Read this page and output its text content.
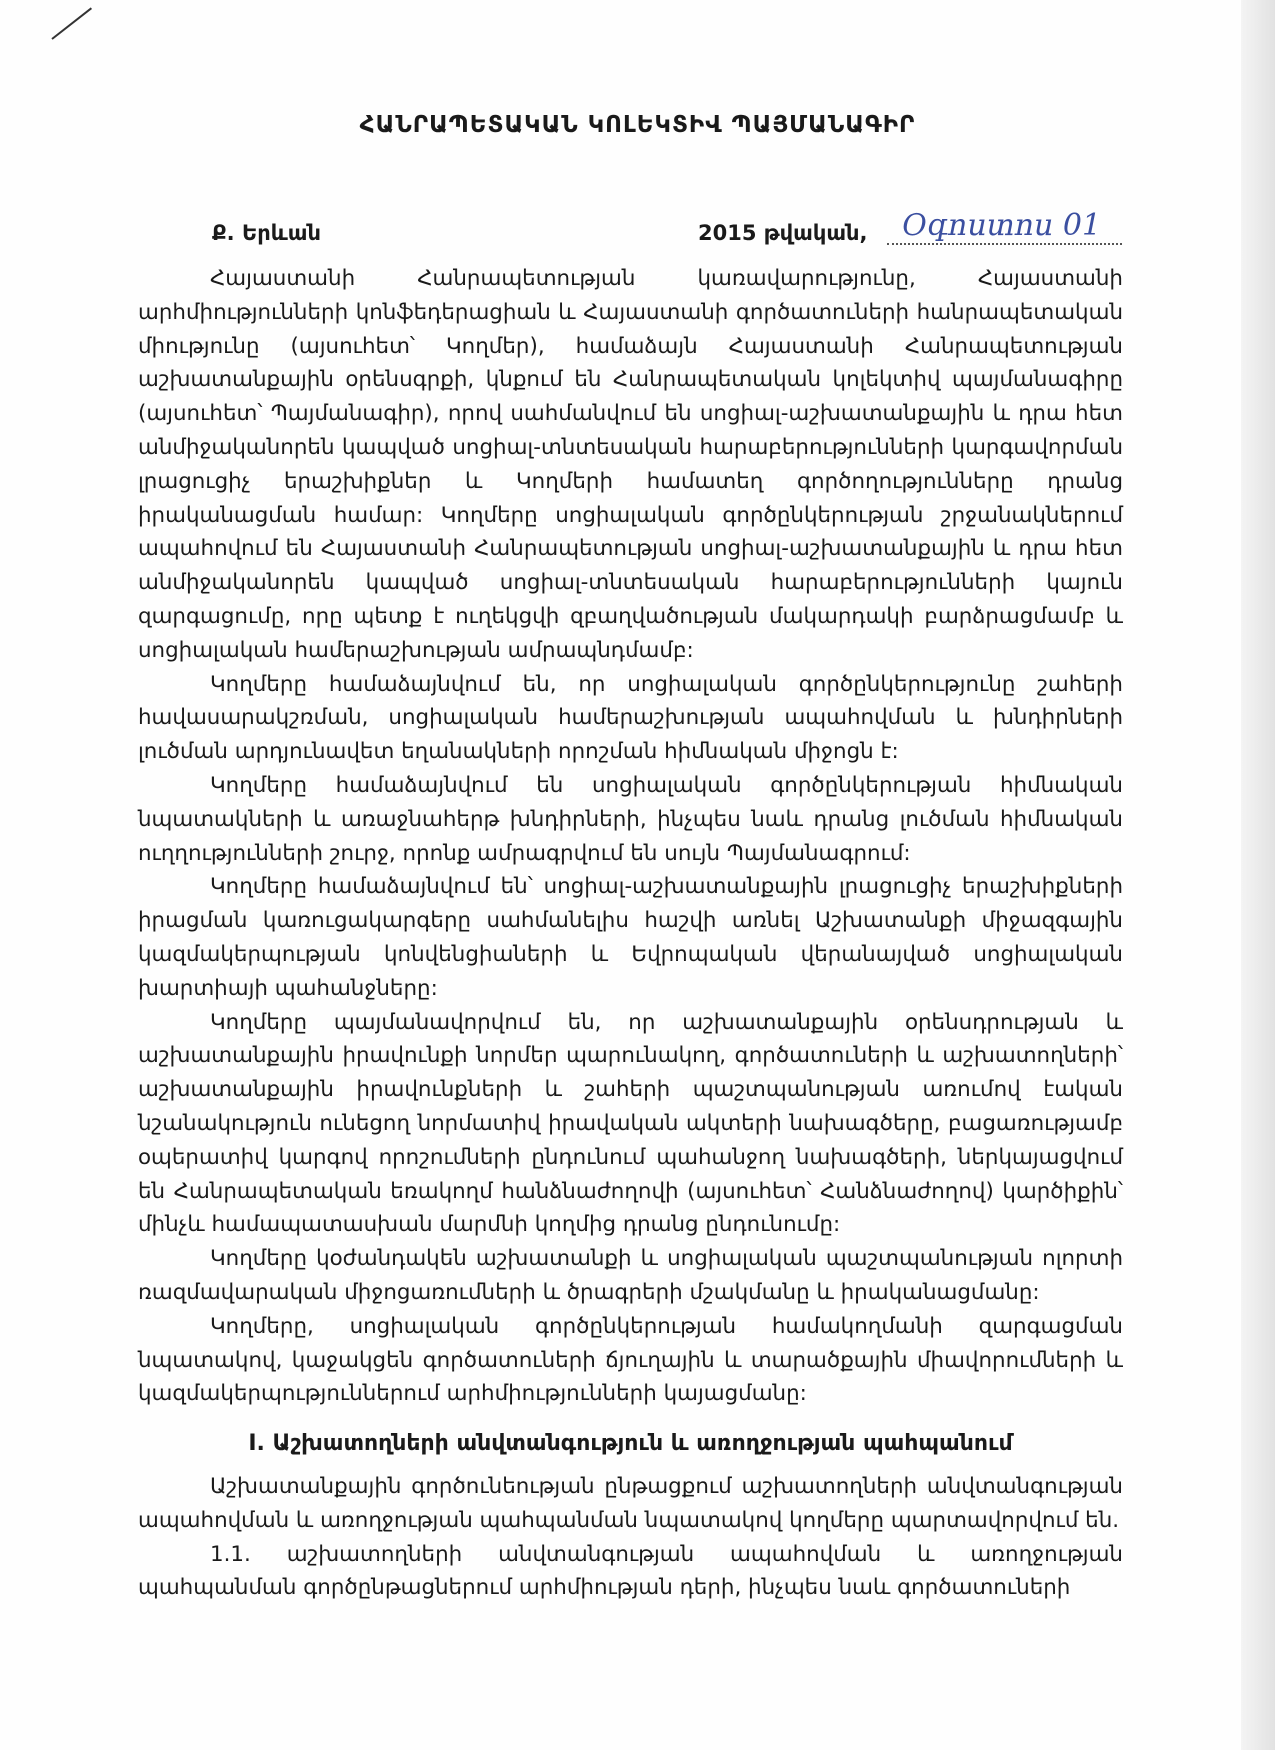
ՀԱՆՐԱՊԵՏԱԿԱՆ ԿՈԼԵԿՏԻՎ ՊԱՅՄԱՆԱԳԻՐ
Ք. Երևան	2015 թվական, Օգոստոս 01

Հայաստանի Հանրապետության կառավարությունը, Հայաստանի արհմիությունների կոնֆեդերացիան և Հայաստանի գործատուների հանրապետական միությունը (այսուհետ՝ Կողմեր), համաձայն Հայաստանի Հանրապետության աշխատանքային օրենսգրքի, կնքում են Հանրապետական կոլեկտիվ պայմանագիրը (այսուհետ՝ Պայմանագիր), որով սահմանվում են սոցիալ-աշխատանքային և դրա հետ անմիջականորեն կապված սոցիալ-տնտեսական հարաբերությունների կարգավորման լրացուցիչ երաշխիքներ և Կողմերի համատեղ գործողությունները դրանց իրականացման համար: Կողմերը սոցիալական գործընկերության շրջանակներում ապահովում են Հայաստանի Հանրապետության սոցիալ-աշխատանքային և դրա հետ անմիջականորեն կապված սոցիալ-տնտեսական հարաբերությունների կայուն զարգացումը, որը պետք է ուղեկցվի զբաղվածության մակարդակի բարձրացմամբ և սոցիալական համերաշխության ամրապնդմամբ:

Կողմերը համաձայնվում են, որ սոցիալական գործընկերությունը շահերի հավասարակշռման, սոցիալական համերաշխության ապահովման և խնդիրների լուծման արդյունավետ եղանակների որոշման հիմնական միջոցն է:

Կողմերը համաձայնվում են սոցիալական գործընկերության հիմնական նպատակների և առաջնահերթ խնդիրների, ինչպես նաև դրանց լուծման հիմնական ուղղությունների շուրջ, որոնք ամրագրվում են սույն Պայմանագրում:

Կողմերը համաձայնվում են՝ սոցիալ-աշխատանքային լրացուցիչ երաշխիքների իրացման կառուցակարգերը սահմանելիս հաշվի առնել Աշխատանքի միջազգային կազմակերպության կոնվենցիաների և Եվրոպական վերանայված սոցիալական խարտիայի պահանջները:

Կողմերը պայմանավորվում են, որ աշխատանքային օրենսդրության և աշխատանքային իրավունքի նորմեր պարունակող, գործատուների և աշխատողների՝ աշխատանքային իրավունքների և շահերի պաշտպանության առումով էական նշանակություն ունեցող նորմատիվ իրավական ակտերի նախագծերը, բացառությամբ օպերատիվ կարգով որոշումների ընդունում պահանջող նախագծերի, ներկայացվում են Հանրապետական եռակողմ հանձնաժողովի (այսուհետ՝ Հանձնաժողով) կարծիքին՝ մինչև համապատասխան մարմնի կողմից դրանց ընդունումը:

Կողմերը կօժանդակեն աշխատանքի և սոցիալական պաշտպանության ոլորտի ռազմավարական միջոցառումների և ծրագրերի մշակմանը և իրականացմանը:

Կողմերը, սոցիալական գործընկերության համակողմանի զարգացման նպատակով, կաջակցեն գործատուների ճյուղային և տարածքային միավորումների և կազմակերպություններում արհմիությունների կայացմանը:

I. Աշխատողների անվտանգություն և առողջության պահպանում

Աշխատանքային գործունեության ընթացքում աշխատողների անվտանգության ապահովման և առողջության պահպանման նպատակով կողմերը պարտավորվում են.

1.1. աշխատողների անվտանգության ապահովման և առողջության պահպանման գործընթացներում արհմիության դերի, ինչպես նաև գործատուների
